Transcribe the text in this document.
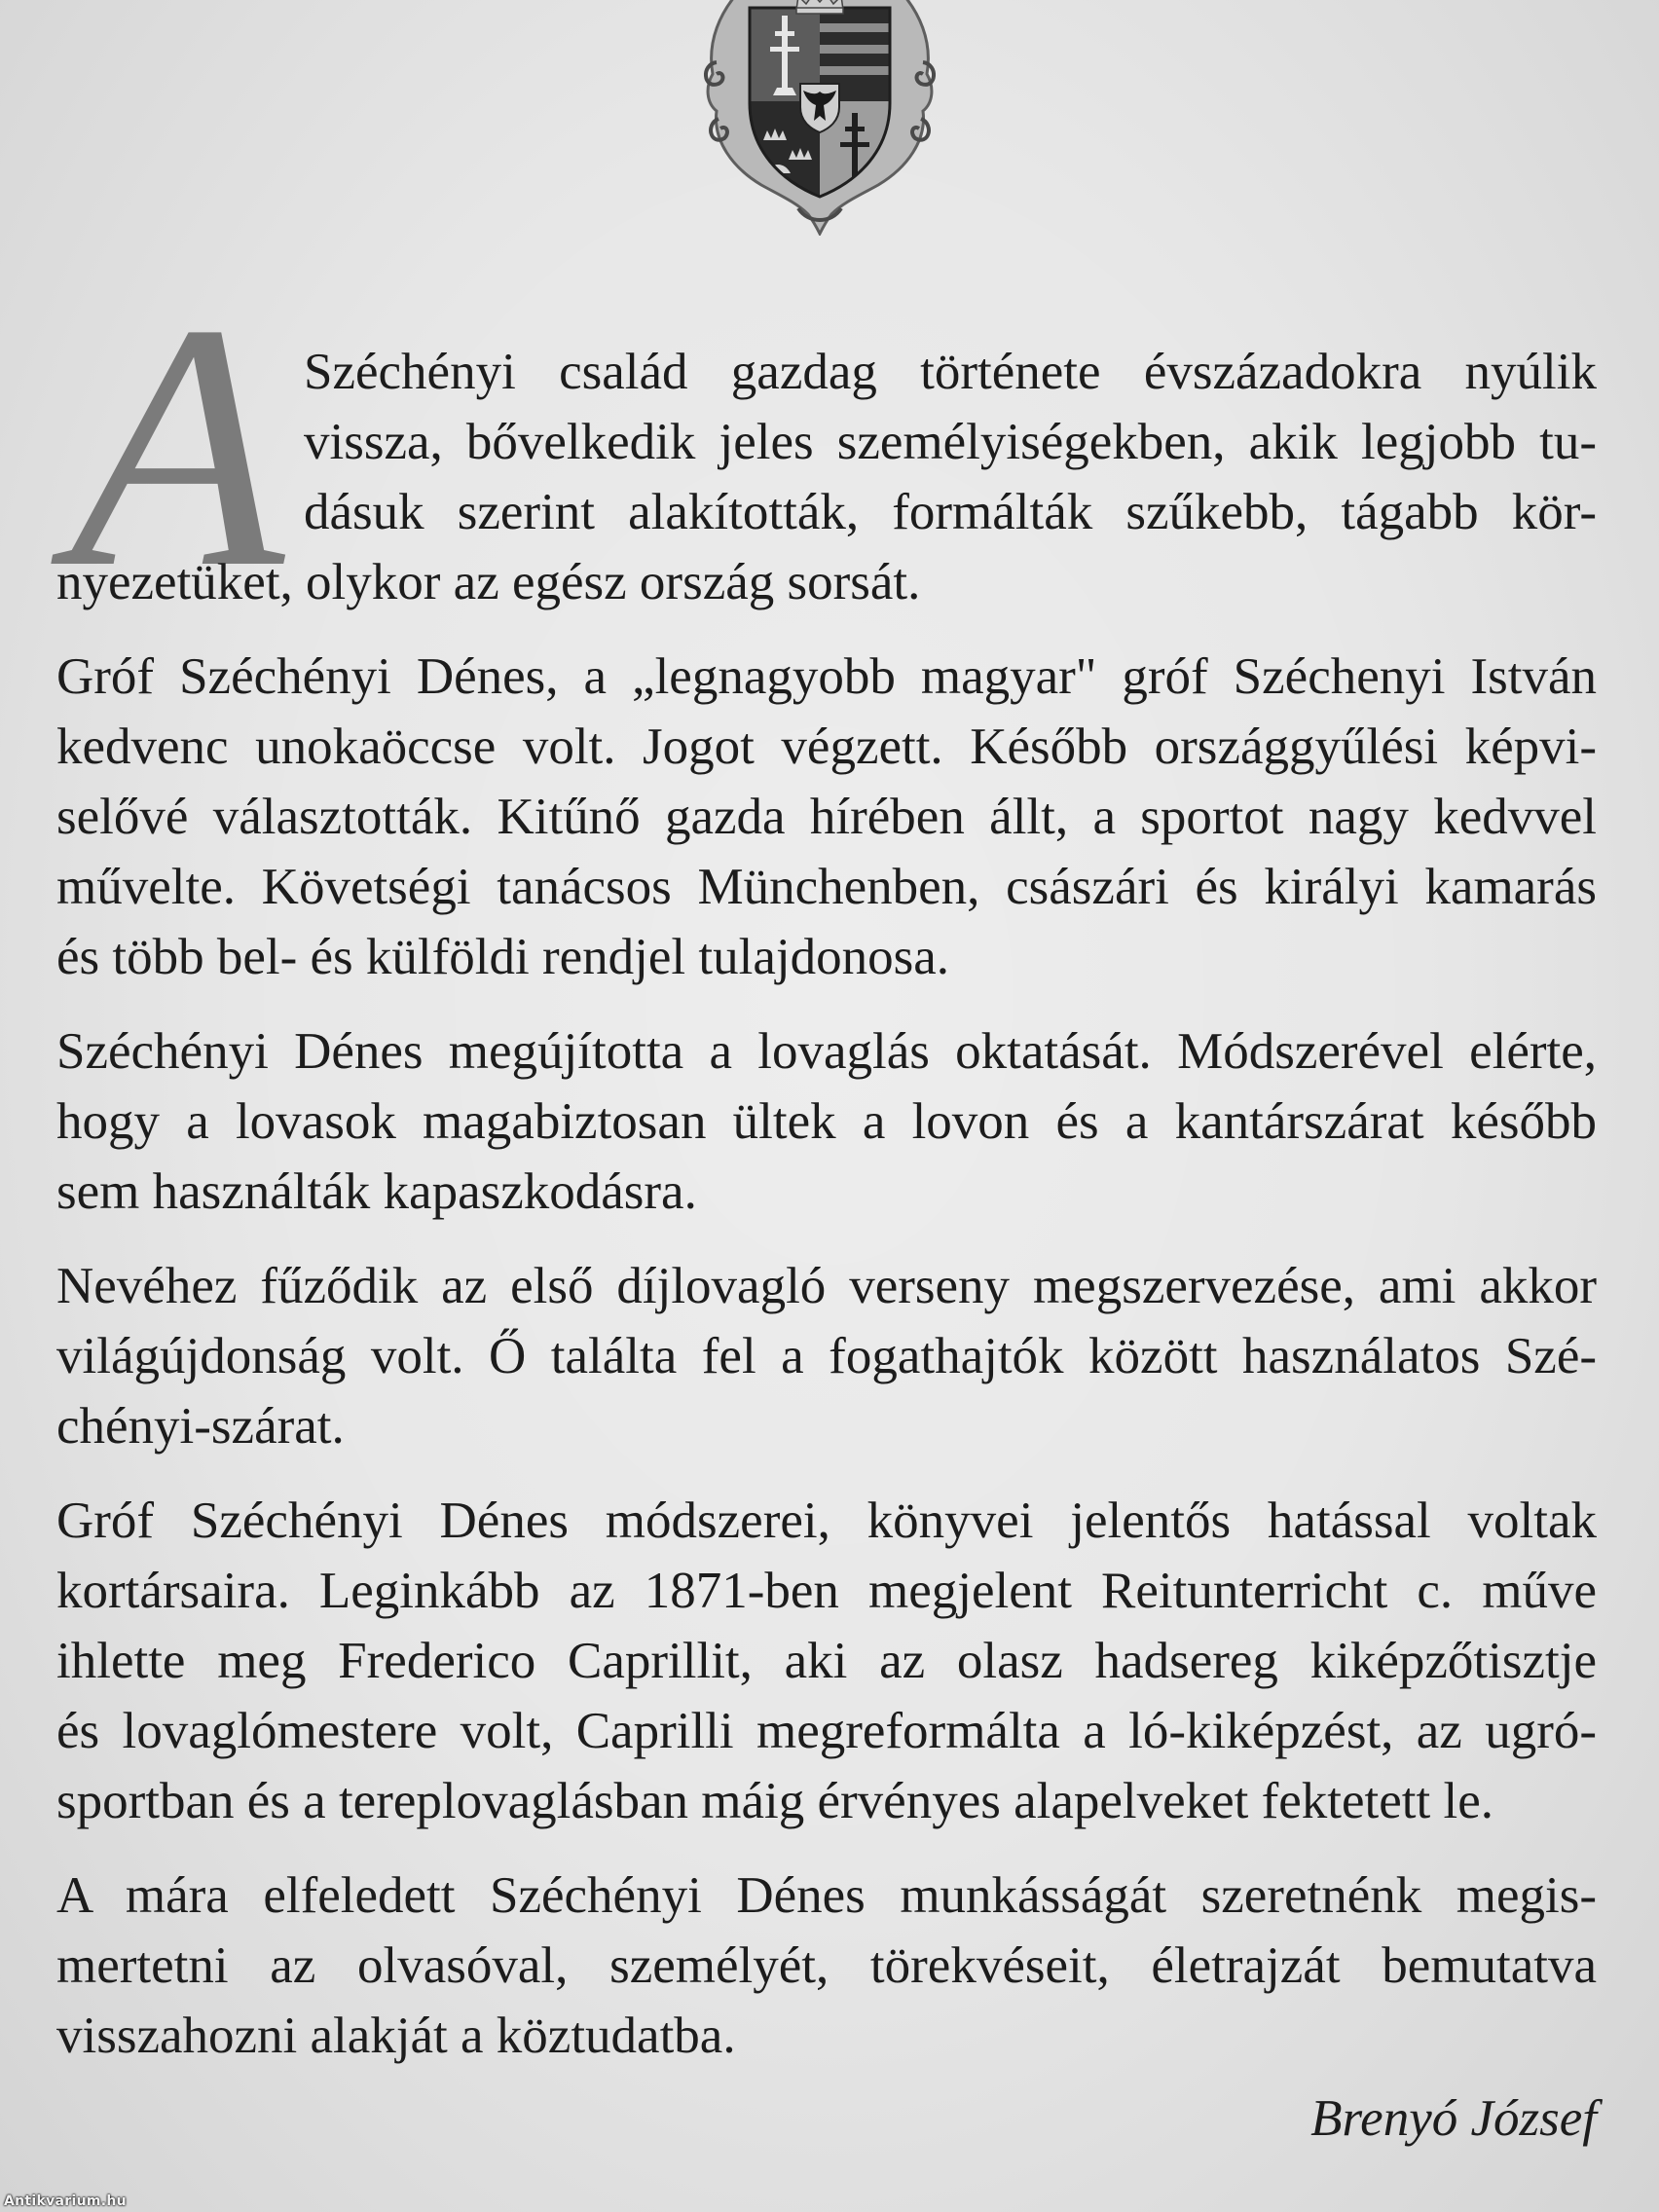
A Széchényi család gazdag története évszázadokra nyúlik
vissza, bővelkedik jeles személyiségekben, akik legjobb tu-
dásuk szerint alakították, formálták szűkebb, tágabb kör-
nyezetüket, olykor az egész ország sorsát.
Gróf Széchényi Dénes, a „legnagyobb magyar" gróf Széchenyi István
kedvenc unokaöccse volt. Jogot végzett. Később országgyűlési képvi-
selővé választották. Kitűnő gazda hírében állt, a sportot nagy kedvvel
művelte. Követségi tanácsos Münchenben, császári és királyi kamarás
és több bel- és külföldi rendjel tulajdonosa.
Széchényi Dénes megújította a lovaglás oktatását. Módszerével elérte,
hogy a lovasok magabiztosan ültek a lovon és a kantárszárat később
sem használták kapaszkodásra.
Nevéhez fűződik az első díjlovagló verseny megszervezése, ami akkor
világújdonság volt. Ő találta fel a fogathajtók között használatos Szé-
chényi-szárat.
Gróf Széchényi Dénes módszerei, könyvei jelentős hatással voltak
kortársaira. Leginkább az 1871-ben megjelent Reitunterricht c. műve
ihlette meg Frederico Caprillit, aki az olasz hadsereg kiképzőtisztje
és lovaglómestere volt, Caprilli megreformálta a ló-kiképzést, az ugró-
sportban és a tereplovaglásban máig érvényes alapelveket fektetett le.
A mára elfeledett Széchényi Dénes munkásságát szeretnénk megis-
mertetni az olvasóval, személyét, törekvéseit, életrajzát bemutatva
visszahozni alakját a köztudatba.
Brenyó József
Antikvarium.hu
